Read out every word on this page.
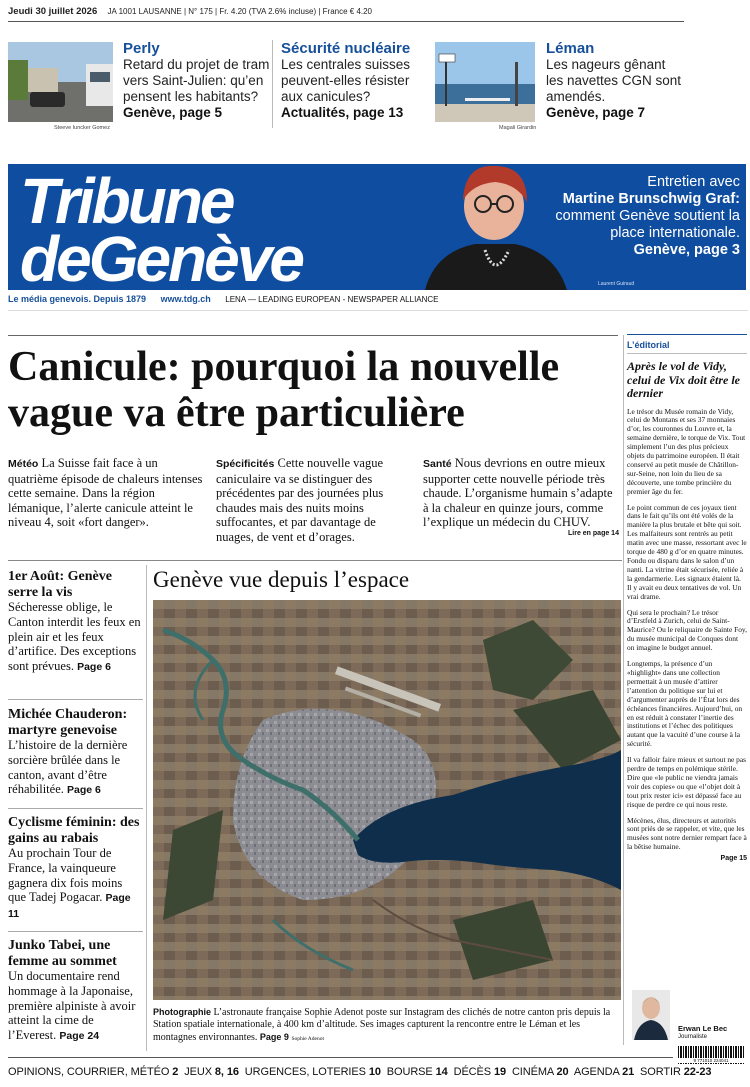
Jeudi 30 juillet 2026 JA 1001 LAUSANNE | N° 175 | Fr. 4.20 (TVA 2.6% incluse) | France € 4.20
Steeve Iuncker Gomez
Perly
Retard du projet de tram vers Saint-Julien: qu’en pensent les habitants?
Genève, page 5
Sécurité nucléaire
Les centrales suisses peuvent-elles résister aux canicules?
Actualités, page 13
Magali Girardin
Léman
Les nageurs gênant les navettes CGN sont amendés.
Genève, page 7
Tribune
deGenève
Entretien avec
Martine Brunschwig Graf:
comment Genève soutient la place internationale.
Genève, page 3
Laurent Guiraud
Le média genevois. Depuis 1879 www.tdg.ch LENA — LEADING EUROPEAN - NEWSPAPER ALLIANCE
Canicule: pourquoi la nouvelle vague va être particulière
Météo La Suisse fait face à un quatrième épisode de chaleurs intenses cette semaine. Dans la région lémanique, l’alerte canicule atteint le niveau 4, soit «fort danger».
Spécificités Cette nouvelle vague caniculaire va se distinguer des précédentes par des journées plus chaudes mais des nuits moins suffocantes, et par davantage de nuages, de vent et d’orages.
Santé Nous devrions en outre mieux supporter cette nouvelle période très chaude. L’organisme humain s’adapte à la chaleur en quinze jours, comme l’explique un médecin du CHUV.
Lire en page 14
1er Août: Genève serre la vis
Sécheresse oblige, le Canton interdit les feux en plein air et les feux d’artifice. Des exceptions sont prévues. Page 6
Michée Chauderon: martyre genevoise
L’histoire de la dernière sorcière brûlée dans le canton, avant d’être réhabilitée. Page 6
Cyclisme féminin: des gains au rabais
Au prochain Tour de France, la vainqueure gagnera dix fois moins que Tadej Pogacar. Page 11
Junko Tabei, une femme au sommet
Un documentaire rend hommage à la Japonaise, première alpiniste à avoir atteint la cime de l’Everest. Page 24
Genève vue depuis l’espace
Photographie L’astronaute française Sophie Adenot poste sur Instagram des clichés de notre canton pris depuis la Station spatiale internationale, à 400 km d’altitude. Ses images capturent la rencontre entre le Léman et les montagnes environnantes. Page 9 Sophie Adenot
L’éditorial
Après le vol de Vidy, celui de Vix doit être le dernier

Le trésor du Musée romain de Vidy, celui de Montans et ses 37 monnaies d’or, les couronnes du Louvre et, la semaine dernière, le torque de Vix. Tout simplement l’un des plus précieux objets du patrimoine européen. Il était conservé au petit musée de Châtillon-sur-Seine, non loin du lieu de sa découverte, une tombe princière du premier âge du fer.

Le point commun de ces joyaux tient dans le fait qu’ils ont été volés de la manière la plus brutale et bête qui soit. Les malfaiteurs sont rentrés au petit matin avec une masse, ressortant avec le torque de 480 g d’or en quatre minutes. Fondu ou disparu dans le salon d’un nanti. La vitrine était sécurisée, reliée à la gendarmerie. Les signaux étaient là. Il y avait eu deux tentatives de vol. Un vrai drame.

Qui sera le prochain? Le trésor d’Erstfeld à Zurich, celui de Saint-Maurice? Ou le reliquaire de Sainte Foy, du musée municipal de Conques dont on imagine le budget annuel.

Longtemps, la présence d’un «highlight» dans une collection permettait à un musée d’attirer l’attention du politique sur lui et d’argumenter auprès de l’État lors des échéances financières. Aujourd’hui, on en est réduit à constater l’inertie des institutions et l’échec des politiques autant que la vacuité d’une course à la sécurité.

Il va falloir faire mieux et surtout ne pas perdre de temps en polémique stérile. Dire que «le public ne viendra jamais voir des copies» ou que «l’objet doit à tout prix rester ici» est dépassé face au risque de perdre ce qui nous reste.

Mécènes, élus, directeurs et autorités sont priés de se rappeler, et vite, que les musées sont notre dernier rempart face à la bêtise humaine.

Page 15
Erwan Le Bec
Journaliste
9 771010 224041
OPINIONS, COURRIER, MÉTÉO 2 JEUX 8, 16 URGENCES, LOTERIES 10 BOURSE 14 DÉCÈS 19 CINÉMA 20 AGENDA 21 SORTIR 22-23
